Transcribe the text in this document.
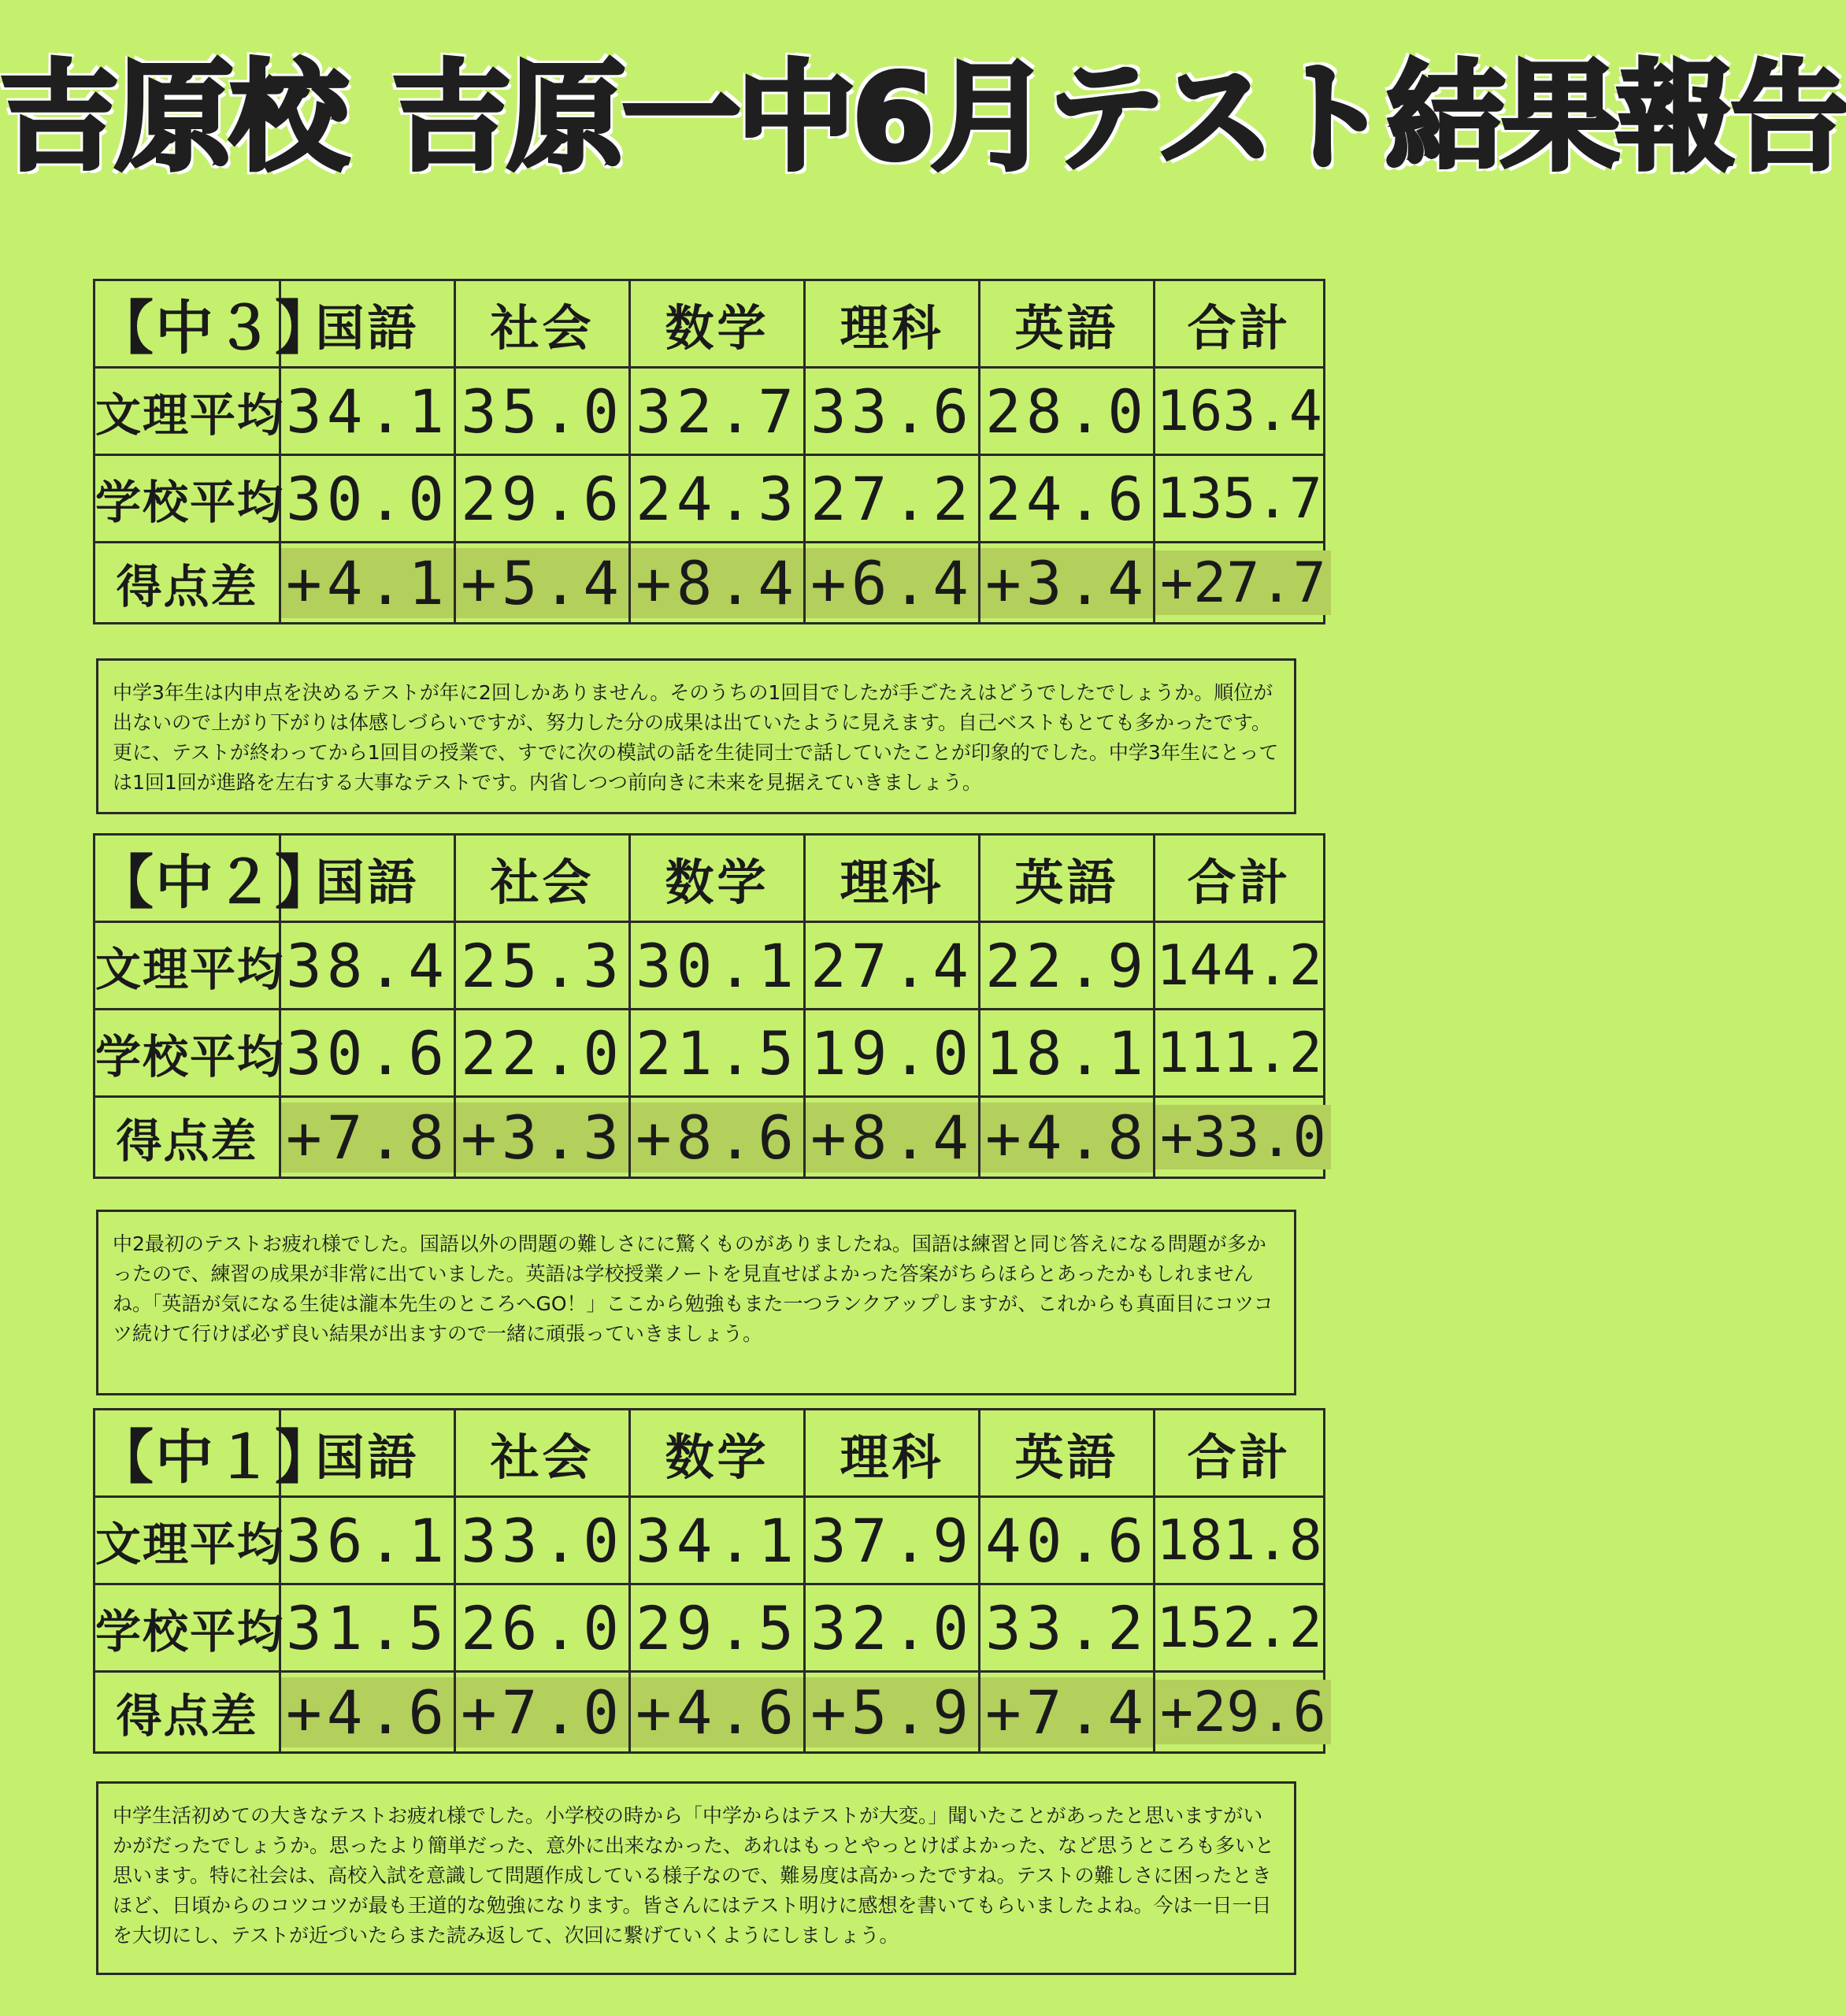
吉原校 吉原一中6月テスト結果報告
【中３】	国語	社会	数学	理科	英語	合計
文理平均	34.1	35.0	32.7	33.6	28.0	163.4
学校平均	30.0	29.6	24.3	27.2	24.6	135.7
得点差	+4.1	+5.4	+8.4	+6.4	+3.4	+27.7
中学3年生は内申点を決めるテストが年に2回しかありません。そのうちの1回目でしたが手ごたえはどうでしたでしょうか。順位が出ないので上がり下がりは体感しづらいですが、努力した分の成果は出ていたように見えます。自己ベストもとても多かったです。更に、テストが終わってから1回目の授業で、すでに次の模試の話を生徒同士で話していたことが印象的でした。中学3年生にとっては1回1回が進路を左右する大事なテストです。内省しつつ前向きに未来を見据えていきましょう。
【中２】	国語	社会	数学	理科	英語	合計
文理平均	38.4	25.3	30.1	27.4	22.9	144.2
学校平均	30.6	22.0	21.5	19.0	18.1	111.2
得点差	+7.8	+3.3	+8.6	+8.4	+4.8	+33.0
中2最初のテストお疲れ様でした。国語以外の問題の難しさにに驚くものがありましたね。国語は練習と同じ答えになる問題が多かったので、練習の成果が非常に出ていました。英語は学校授業ノートを見直せばよかった答案がちらほらとあったかもしれませんね。「英語が気になる生徒は瀧本先生のところへGO！」ここから勉強もまた一つランクアップしますが、これからも真面目にコツコツ続けて行けば必ず良い結果が出ますので一緒に頑張っていきましょう。
【中１】	国語	社会	数学	理科	英語	合計
文理平均	36.1	33.0	34.1	37.9	40.6	181.8
学校平均	31.5	26.0	29.5	32.0	33.2	152.2
得点差	+4.6	+7.0	+4.6	+5.9	+7.4	+29.6
中学生活初めての大きなテストお疲れ様でした。小学校の時から「中学からはテストが大変。」聞いたことがあったと思いますがいかがだったでしょうか。思ったより簡単だった、意外に出来なかった、あれはもっとやっとけばよかった、など思うところも多いと思います。特に社会は、高校入試を意識して問題作成している様子なので、難易度は高かったですね。テストの難しさに困ったときほど、日頃からのコツコツが最も王道的な勉強になります。皆さんにはテスト明けに感想を書いてもらいましたよね。今は一日一日を大切にし、テストが近づいたらまた読み返して、次回に繋げていくようにしましょう。
